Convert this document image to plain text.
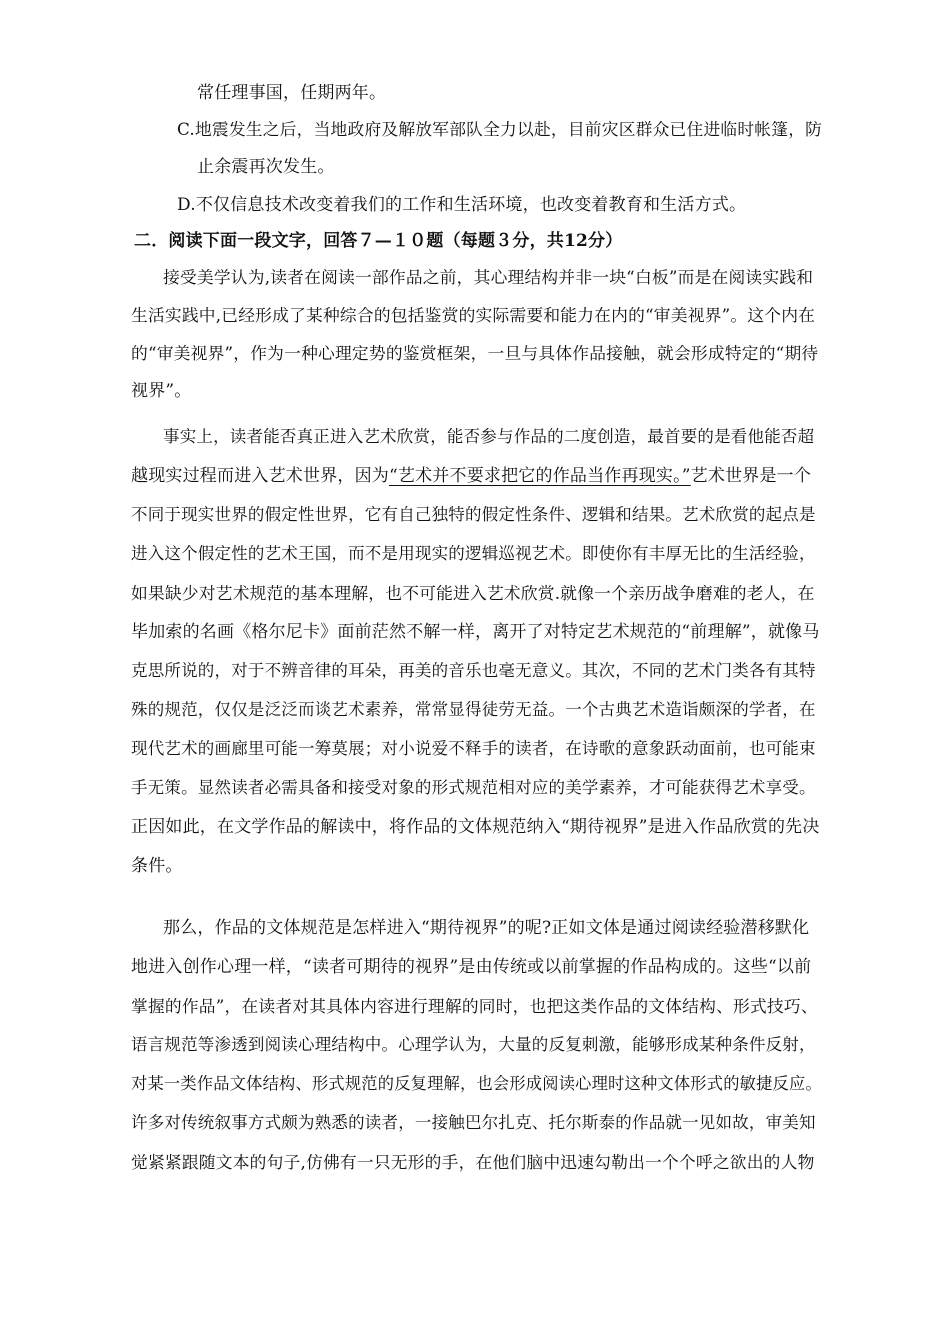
常任理事国，任期两年。
C.地震发生之后，当地政府及解放军部队全力以赴，目前灾区群众已住进临时帐篷，防
止余震再次发生。
D.不仅信息技术改变着我们的工作和生活环境，也改变着教育和生活方式。
二．阅读下面一段文字，回答７—１０题（每题３分，共12分）
接受美学认为,读者在阅读一部作品之前，其心理结构并非一块“白板”而是在阅读实践和
生活实践中,已经形成了某种综合的包括鉴赏的实际需要和能力在内的“审美视界”。这个内在
的“审美视界”，作为一种心理定势的鉴赏框架，一旦与具体作品接触，就会形成特定的“期待
视界”。
事实上，读者能否真正进入艺术欣赏，能否参与作品的二度创造，最首要的是看他能否超
越现实过程而进入艺术世界，因为“艺术并不要求把它的作品当作再现实。”艺术世界是一个
不同于现实世界的假定性世界，它有自己独特的假定性条件、逻辑和结果。艺术欣赏的起点是
进入这个假定性的艺术王国，而不是用现实的逻辑巡视艺术。即使你有丰厚无比的生活经验，
如果缺少对艺术规范的基本理解，也不可能进入艺术欣赏.就像一个亲历战争磨难的老人，在
毕加索的名画《格尔尼卡》面前茫然不解一样，离开了对特定艺术规范的“前理解”，就像马
克思所说的，对于不辨音律的耳朵，再美的音乐也毫无意义。其次，不同的艺术门类各有其特
殊的规范，仅仅是泛泛而谈艺术素养，常常显得徒劳无益。一个古典艺术造诣颇深的学者，在
现代艺术的画廊里可能一筹莫展；对小说爱不释手的读者，在诗歌的意象跃动面前，也可能束
手无策。显然读者必需具备和接受对象的形式规范相对应的美学素养，才可能获得艺术享受。
正因如此，在文学作品的解读中，将作品的文体规范纳入“期待视界”是进入作品欣赏的先决
条件。
那么，作品的文体规范是怎样进入“期待视界”的呢?正如文体是通过阅读经验潜移默化
地进入创作心理一样，“读者可期待的视界”是由传统或以前掌握的作品构成的。这些“以前
掌握的作品”，在读者对其具体内容进行理解的同时，也把这类作品的文体结构、形式技巧、
语言规范等渗透到阅读心理结构中。心理学认为，大量的反复刺激，能够形成某种条件反射，
对某一类作品文体结构、形式规范的反复理解，也会形成阅读心理时这种文体形式的敏捷反应。
许多对传统叙事方式颇为熟悉的读者，一接触巴尔扎克、托尔斯泰的作品就一见如故，审美知
觉紧紧跟随文本的句子,仿佛有一只无形的手，在他们脑中迅速勾勒出一个个呼之欲出的人物
